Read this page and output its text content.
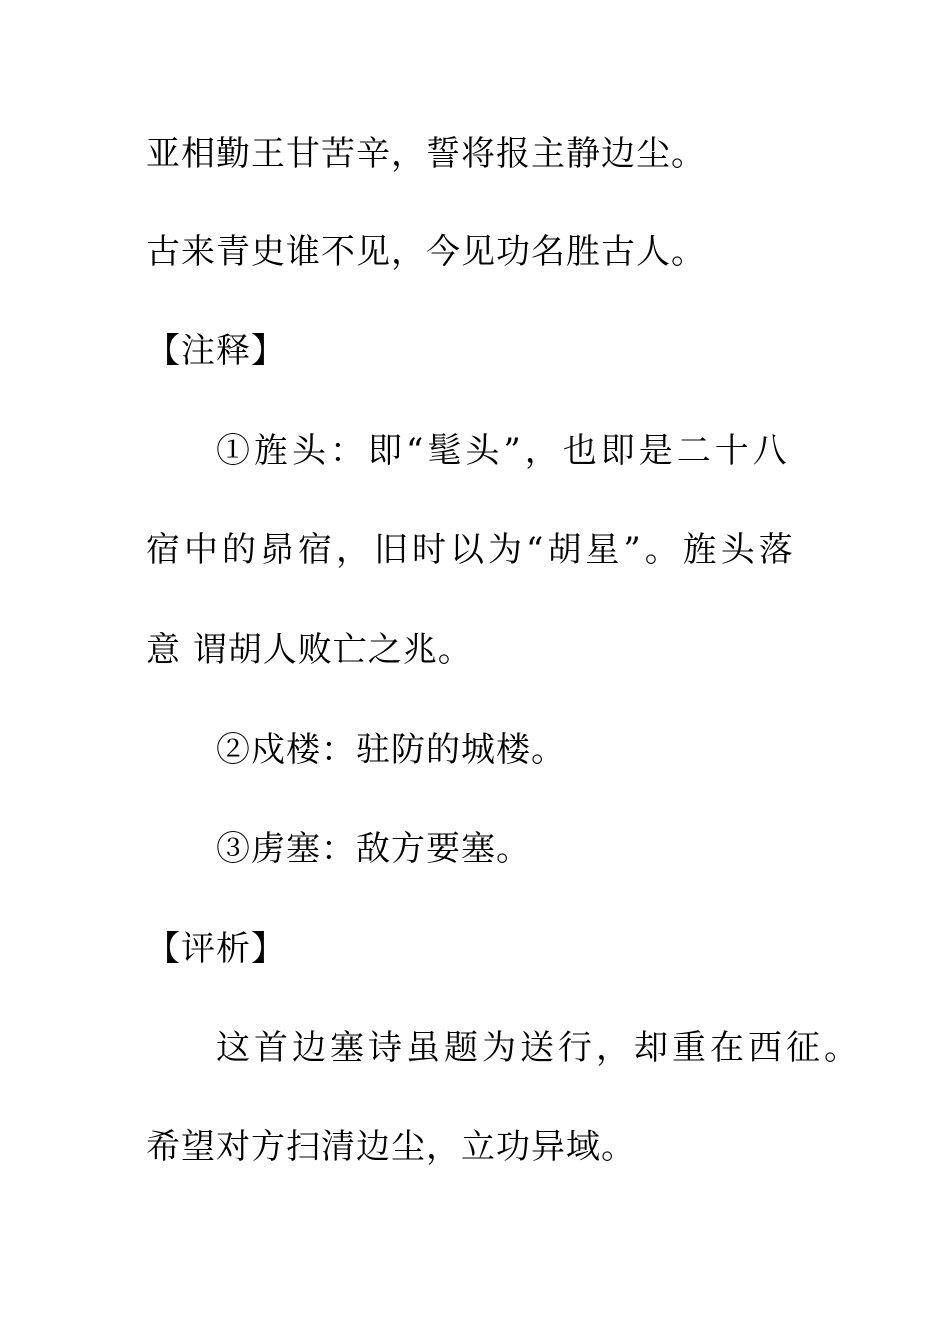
亚相勤王甘苦辛，誓将报主静边尘。
古来青史谁不见，今见功名胜古人。
【注释】
①旌头：即“髦头”，也即是二十八
宿中的昴宿，旧时以为“胡星”。旌头落
意 谓胡人败亡之兆。
②戍楼：驻防的城楼。
③虏塞：敌方要塞。
【评析】
这首边塞诗虽题为送行，却重在西征。
希望对方扫清边尘，立功异域。
